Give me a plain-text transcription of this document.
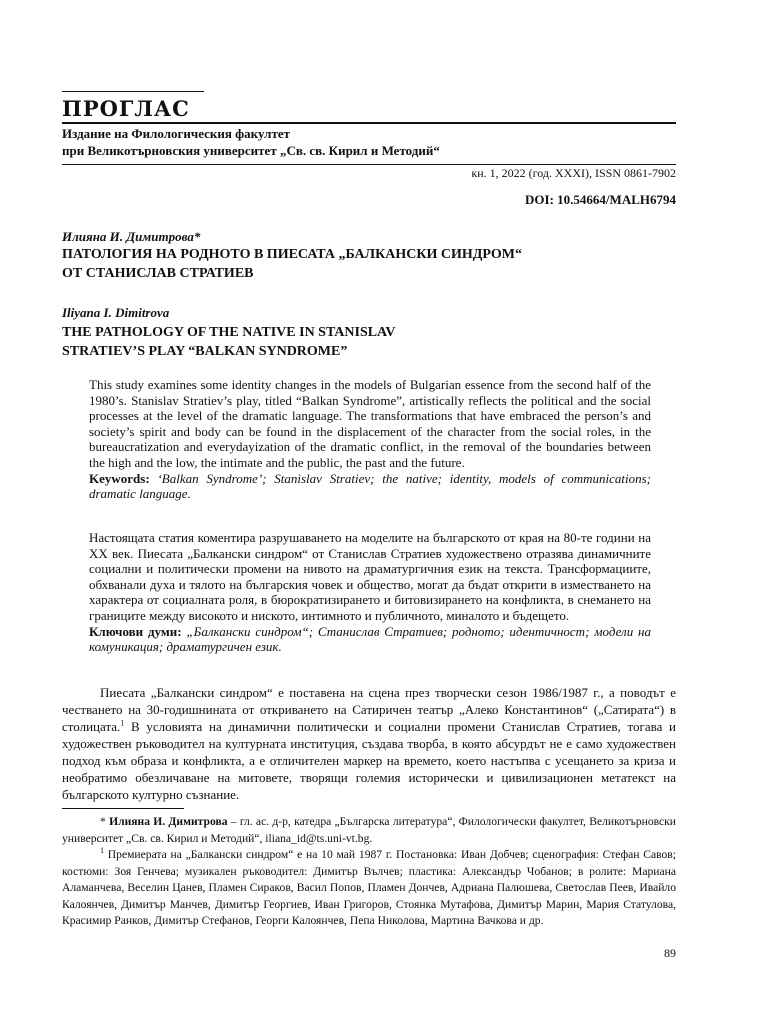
ПРОГЛАС
Издание на Филологическия факултет
при Великотърновския университет „Св. св. Кирил и Методий“
кн. 1, 2022 (год. XXXI), ISSN 0861-7902
DOI: 10.54664/MALH6794
Илияна И. Димитрова*
ПАТОЛОГИЯ НА РОДНОТО В ПИЕСАТА „БАЛКАНСКИ СИНДРОМ“
ОТ СТАНИСЛАВ СТРАТИЕВ
Iliyana I. Dimitrova
THE PATHOLOGY OF THE NATIVE IN STANISLAV
STRATIEV’S PLAY “BALKAN SYNDROME”
This study examines some identity changes in the models of Bulgarian essence from the second half of the 1980’s. Stanislav Stratiev’s play, titled “Balkan Syndrome”, artistically reflects the political and the social processes at the level of the dramatic language. The transformations that have embraced the person’s and society’s spirit and body can be found in the displacement of the character from the social roles, in the bureaucratization and everydayization of the dramatic conflict, in the removal of the boundaries between the high and the low, the intimate and the public, the past and the future.
Keywords: ‘Balkan Syndrome’; Stanislav Stratiev; the native; identity, models of communications; dramatic language.
Настоящата статия коментира разрушаването на моделите на българското от края на 80-те години на XX век. Пиесата „Балкански синдром“ от Станислав Стратиев художествено отразява динамичните социални и политически промени на нивото на драматургичния език на текста. Трансформациите, обхванали духа и тялото на българския човек и общество, могат да бъдат открити в изместването на характера от социалната роля, в бюрократизирането и битовизирането на конфликта, в снемането на границите между високото и ниското, интимното и публичното, миналото и бъдещето.
Ключови думи: „Балкански синдром“; Станислав Стратиев; родното; идентичност; модели на комуникация; драматургичен език.
Пиесата „Балкански синдром“ е поставена на сцена през творчески сезон 1986/1987 г., а поводът е честването на 30-годишнината от откриването на Сатиричен театър „Алеко Константинов“ („Сатирата“) в столицата.$^1$ В условията на динамични политически и социални промени Станислав Стратиев, тогава и художествен ръководител на културната институция, създава творба, в която абсурдът не е само художествен подход към образа и конфликта, а е отличителен маркер на времето, което настъпва с усещането за криза и необратимо обезличаване на митовете, творящи големия исторически и цивилизационен метатекст на българското културно съзнание.
* Илияна И. Димитрова – гл. ас. д-р, катедра „Българска литература“, Филологически факултет, Великотърновски университет „Св. св. Кирил и Методий“, iliana_id@ts.uni-vt.bg.
$^1$ Премиерата на „Балкански синдром“ е на 10 май 1987 г. Постановка: Иван Добчев; сценография: Стефан Савов; костюми: Зоя Генчева; музикален ръководител: Димитър Вълчев; пластика: Александър Чобанов; в ролите: Мариана Аламанчева, Веселин Цанев, Пламен Сираков, Васил Попов, Пламен Дончев, Адриана Палюшева, Светослав Пеев, Ивайло Калоянчев, Димитър Манчев, Димитър Георгиев, Иван Григоров, Стоянка Мутафова, Димитър Марин, Мария Статулова, Красимир Ранков, Димитър Стефанов, Георги Калоянчев, Пепа Николова, Мартина Вачкова и др.
89
